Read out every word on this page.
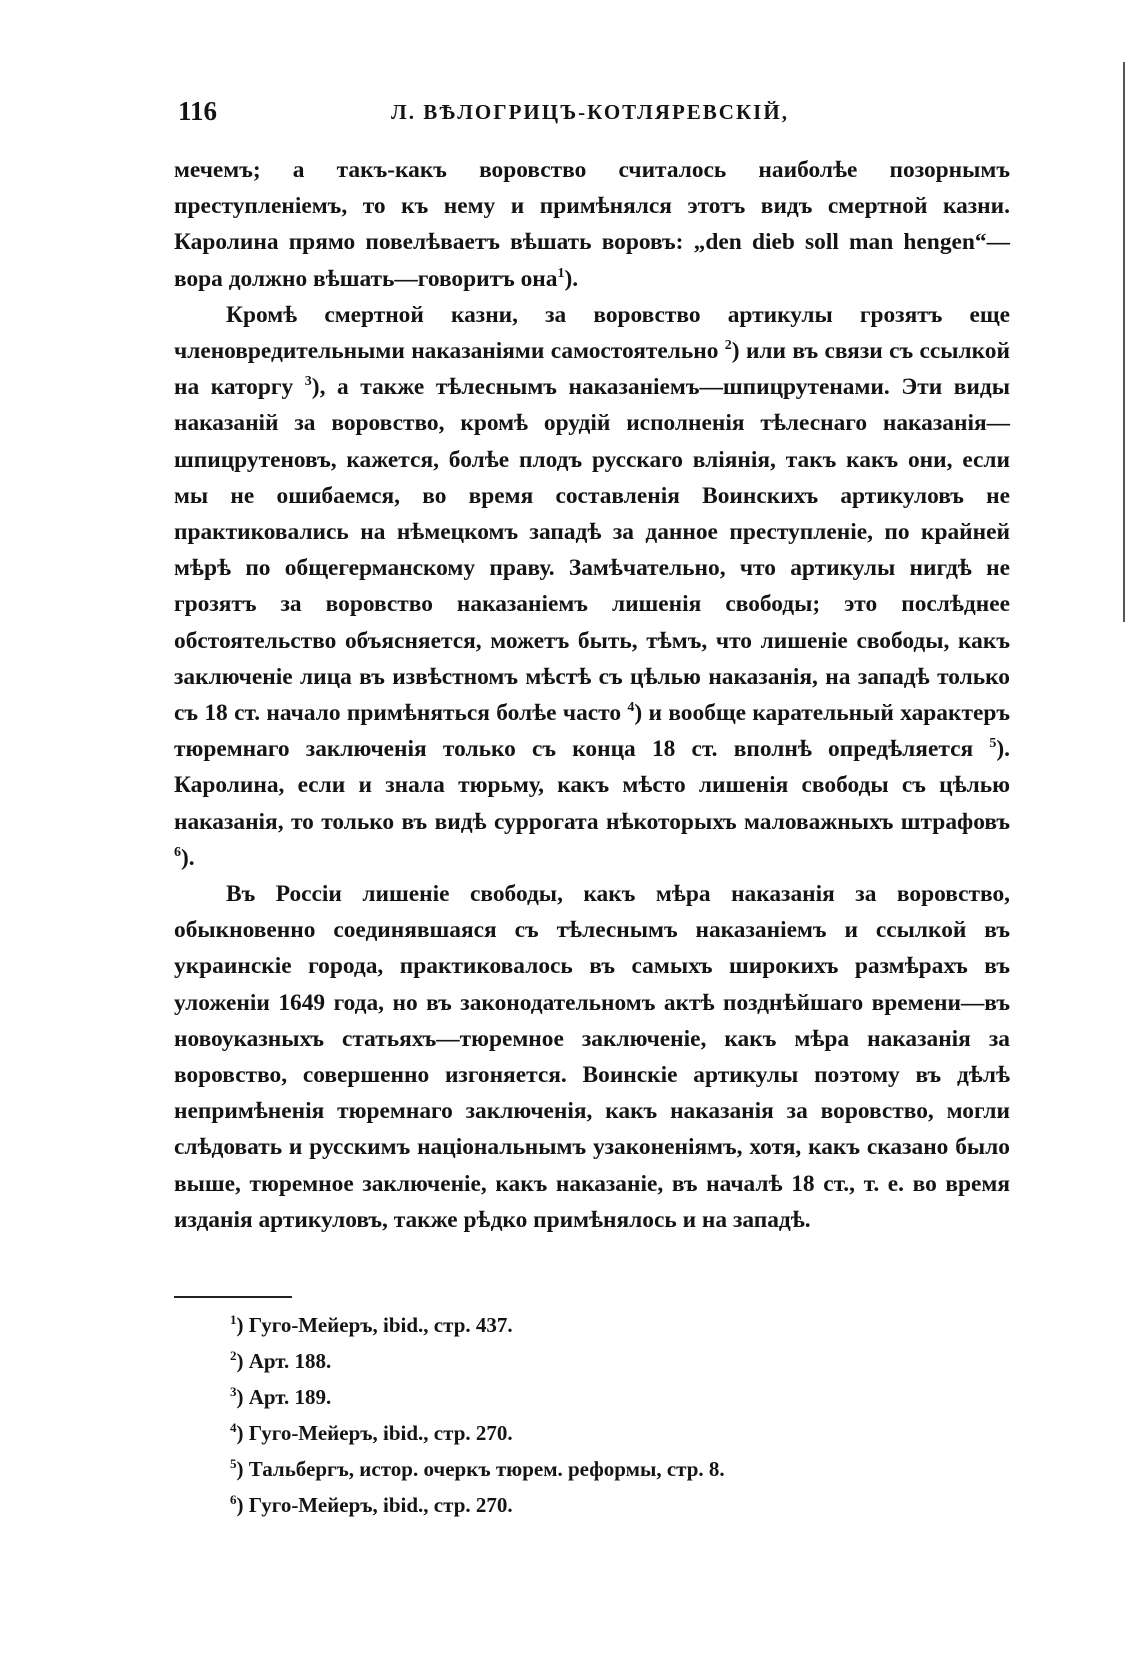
116	Л. ВѢЛОГРИЦЪ-КОТЛЯРЕВСКІЙ,

мечемъ; а такъ-какъ воровство считалось наиболѣе позорнымъ преступленіемъ, то къ нему и примѣнялся этотъ видъ смертной казни. Каролина прямо повелѣваетъ вѣшать воровъ: „den dieb soll man hengen“—вора должно вѣшать—говоритъ она$^1$).

Кромѣ смертной казни, за воровство артикулы грозятъ еще членовредительными наказаніями самостоятельно $^2$) или въ связи съ ссылкой на каторгу $^3$), а также тѣлеснымъ наказаніемъ—шпицрутенами. Эти виды наказаній за воровство, кромѣ орудій исполненія тѣлеснаго наказанія—шпицрутеновъ, кажется, болѣе плодъ русскаго вліянія, такъ какъ они, если мы не ошибаемся, во время составленія Воинскихъ артикуловъ не практиковались на нѣмецкомъ западѣ за данное преступленіе, по крайней мѣрѣ по общегерманскому праву. Замѣчательно, что артикулы нигдѣ не грозятъ за воровство наказаніемъ лишенія свободы; это послѣднее обстоятельство объясняется, можетъ быть, тѣмъ, что лишеніе свободы, какъ заключеніе лица въ извѣстномъ мѣстѣ съ цѣлью наказанія, на западѣ только съ 18 ст. начало примѣняться болѣе часто $^4$) и вообще карательный характеръ тюремнаго заключенія только съ конца 18 ст. вполнѣ опредѣляется $^5$). Каролина, если и знала тюрьму, какъ мѣсто лишенія свободы съ цѣлью наказанія, то только въ видѣ суррогата нѣкоторыхъ маловажныхъ штрафовъ $^6$).

Въ Россіи лишеніе свободы, какъ мѣра наказанія за воровство, обыкновенно соединявшаяся съ тѣлеснымъ наказаніемъ и ссылкой въ украинскіе города, практиковалось въ самыхъ широкихъ размѣрахъ въ уложеніи 1649 года, но въ законодательномъ актѣ позднѣйшаго времени—въ новоуказныхъ статьяхъ—тюремное заключеніе, какъ мѣра наказанія за воровство, совершенно изгоняется. Воинскіе артикулы поэтому въ дѣлѣ непримѣненія тюремнаго заключенія, какъ наказанія за воровство, могли слѣдовать и русскимъ національнымъ узаконеніямъ, хотя, какъ сказано было выше, тюремное заключеніе, какъ наказаніе, въ началѣ 18 ст., т. е. во время изданія артикуловъ, также рѣдко примѣнялось и на западѣ.

$^1$) Гуго-Мейеръ, ibid., стр. 437.
$^2$) Арт. 188.
$^3$) Арт. 189.
$^4$) Гуго-Мейеръ, ibid., стр. 270.
$^5$) Тальбергъ, истор. очеркъ тюрем. реформы, стр. 8.
$^6$) Гуго-Мейеръ, ibid., стр. 270.
